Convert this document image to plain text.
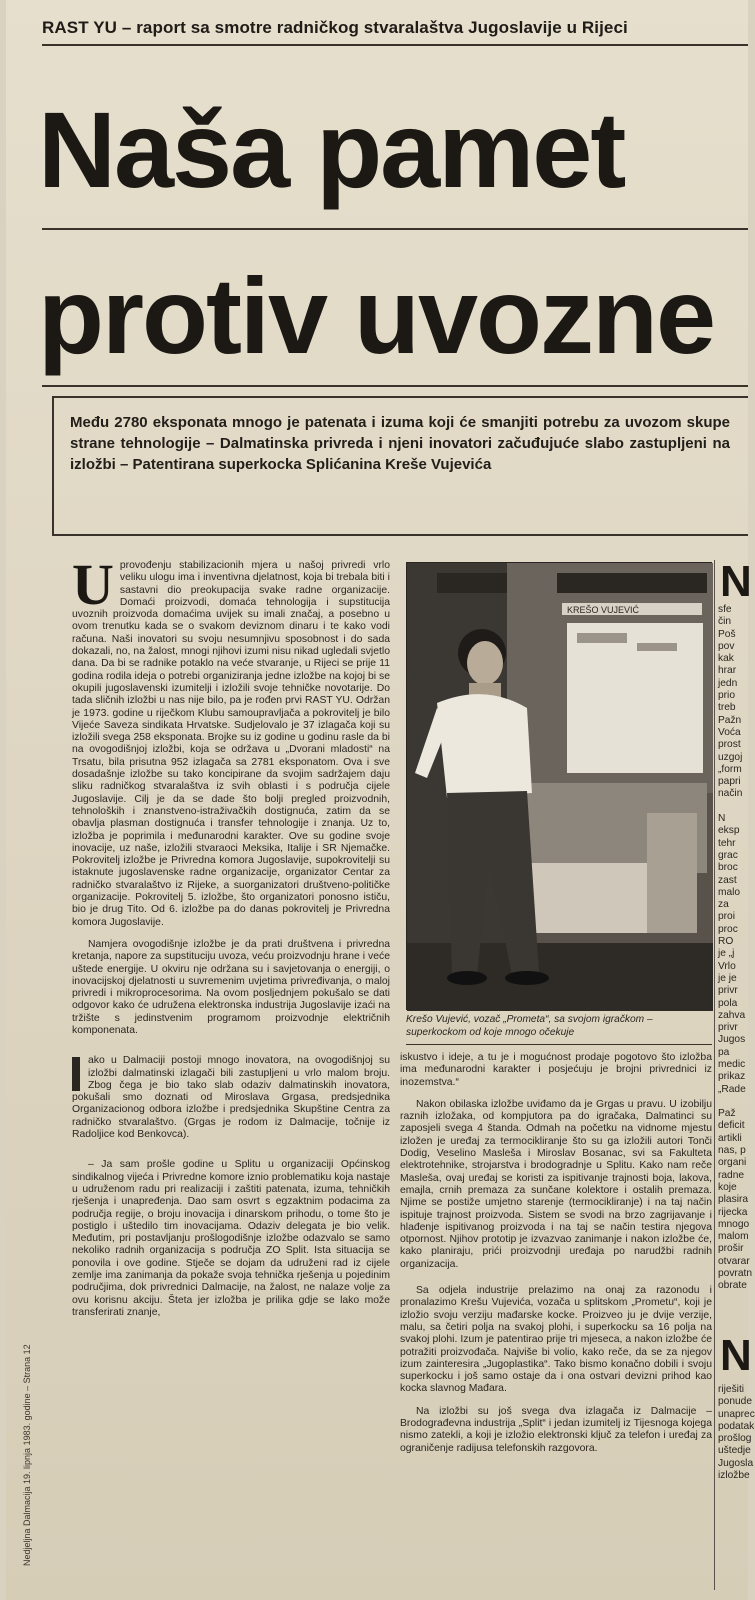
RAST YU – raport sa smotre radničkog stvaralaštva Jugoslavije u Rijeci
Naša pamet
protiv uvozne
Među 2780 eksponata mnogo je patenata i izuma koji će smanjiti potrebu za uvozom skupe strane tehnologije – Dalmatinska privreda i njeni inovatori začuđujuće slabo zastupljeni na izložbi – Patentirana superkocka Splićanina Kreše Vujevića
U provođenju stabilizacionih mjera u našoj privredi vrlo veliku ulogu ima i inventivna djelatnost, koja bi trebala biti i sastavni dio preokupacija svake radne organizacije. Domaći proizvodi, domaća tehnologija i supstitucija uvoznih proizvoda domaćima uvijek su imali značaj, a posebno u ovom trenutku kada se o svakom deviznom dinaru i te kako vodi računa. Naši inovatori su svoju nesumnjivu sposobnost i do sada dokazali, no, na žalost, mnogi njihovi izumi nisu nikad ugledali svjetlo dana. Da bi se radnike potaklo na veće stvaranje, u Rijeci se prije 11 godina rodila ideja o potrebi organiziranja jedne izložbe na kojoj bi se okupili jugoslavenski izumitelji i izložili svoje tehničke novotarije. Do tada sličnih izložbi u nas nije bilo, pa je rođen prvi RAST YU. Održan je 1973. godine u riječkom Klubu samoupravljača a pokrovitelj je bilo Vijeće Saveza sindikata Hrvatske. Sudjelovalo je 37 izlagača koji su izložili svega 258 eksponata. Brojke su iz godine u godinu rasle da bi na ovogodišnjoj izložbi, koja se održava u „Dvorani mladosti“ na Trsatu, bila prisutna 952 izlagača sa 2781 eksponatom. Ova i sve dosadašnje izložbe su tako koncipirane da svojim sadržajem daju sliku radničkog stvaralaštva iz svih oblasti i s područja cijele Jugoslavije. Cilj je da se dade što bolji pregled proizvodnih, tehnoloških i znanstveno-istraživačkih dostignuća, zatim da se obavlja plasman dostignuća i transfer tehnologije i znanja. Uz to, izložba je poprimila i međunarodni karakter. Ove su godine svoje inovacije, uz naše, izložili stvaraoci Meksika, Italije i SR Njemačke. Pokrovitelj izložbe je Privredna komora Jugoslavije, supokrovitelji su istaknute jugoslavenske radne organizacije, organizator Centar za radničko stvaralaštvo iz Rijeke, a suorganizatori društveno-političke organizacije. Pokrovitelj 5. izložbe, što organizatori ponosno ističu, bio je drug Tito. Od 6. izložbe pa do danas pokrovitelj je Privredna komora Jugoslavije.
Namjera ovogodišnje izložbe je da prati društvena i privredna kretanja, napore za supstituciju uvoza, veću proizvodnju hrane i veće uštede energije. U okviru nje održana su i savjetovanja o energiji, o inovacijskoj djelatnosti u suvremenim uvjetima privređivanja, o maloj privredi i mikroprocesorima. Na ovom posljednjem pokušalo se dati odgovor kako će udružena elektronska industrija Jugoslavije izaći na tržište s jedinstvenim programom proizvodnje električnih komponenata.
ako u Dalmaciji postoji mnogo inovatora, na ovogodišnjoj su izložbi dalmatinski izlagači bili zastupljeni u vrlo malom broju. Zbog čega je bio tako slab odaziv dalmatinskih inovatora, pokušali smo doznati od Miroslava Grgasa, predsjednika Organizacionog odbora izložbe i predsjednika Skupštine Centra za radničko stvaralaštvo. (Grgas je rodom iz Dalmacije, točnije iz Radoljice kod Benkovca).
– Ja sam prošle godine u Splitu u organizaciji Općinskog sindikalnog vijeća i Privredne komore iznio problematiku koja nastaje u udruženom radu pri realizaciji i zaštiti patenata, izuma, tehničkih rješenja i unapređenja. Dao sam osvrt s egzaktnim podacima za područja regije, o broju inovacija i dinarskom prihodu, o tome što je postiglo i uštedilo tim inovacijama. Odaziv delegata je bio velik. Međutim, pri postavljanju prošlogodišnje izložbe odazvalo se samo nekoliko radnih organizacija s područja ZO Split. Ista situacija se ponovila i ove godine. Stječe se dojam da udruženi rad iz cijele zemlje ima zanimanja da pokaže svoja tehnička rješenja u pojedinim područjima, dok privrednici Dalmacije, na žalost, ne nalaze volje za ovu korisnu akciju. Šteta jer izložba je prilika gdje se lako može transferirati znanje,
KREŠO VUJEVIĆ
Krešo Vujević, vozač „Prometa“, sa svojom igračkom – superkockom od koje mnogo očekuje
iskustvo i ideje, a tu je i mogućnost prodaje pogotovo što izložba ima međunarodni karakter i posjećuju je brojni privrednici iz inozemstva.“
Nakon obilaska izložbe uviđamo da je Grgas u pravu. U izobilju raznih izložaka, od kompjutora pa do igračaka, Dalmatinci su zaposjeli svega 4 štanda. Odmah na početku na vidnome mjestu izložen je uređaj za termocikliranje što su ga izložili autori Tonči Dodig, Veselino Masleša i Miroslav Bosanac, svi sa Fakulteta elektrotehnike, strojarstva i brodogradnje u Splitu. Kako nam reče Masleša, ovaj uređaj se koristi za ispitivanje trajnosti boja, lakova, emajla, crnih premaza za sunčane kolektore i ostalih premaza. Njime se postiže umjetno starenje (termocikliranje) i na taj način ispituje trajnost proizvoda. Sistem se svodi na brzo zagrijavanje i hlađenje ispitivanog proizvoda i na taj se način testira njegova otpornost. Njihov prototip je izvazvao zanimanje i nakon izložbe će, kako planiraju, prići proizvodnji uređaja po narudžbi radnih organizacija.
Sa odjela industrije prelazimo na onaj za razonodu i pronalazimo Krešu Vujevića, vozača u splitskom „Prometu“, koji je izložio svoju verziju mađarske kocke. Proizveo ju je dvije verzije, malu, sa četiri polja na svakoj plohi, i superkocku sa 16 polja na svakoj plohi. Izum je patentirao prije tri mjeseca, a nakon izložbe će potražiti proizvođača. Najviše bi volio, kako reče, da se za njegov izum zainteresira „Jugoplastika“. Tako bismo konačno dobili i svoju superkocku i još samo ostaje da i ona ostvari devizni prihod kao kocka slavnog Mađara.
Na izložbi su još svega dva izlagača iz Dalmacije – Brodograđevna industrija „Split“ i jedan izumitelj iz Tijesnoga kojega nismo zatekli, a koji je izložio elektronski ključ za telefon i uređaj za ograničenje radijusa telefonskih razgovora.
N
sfe
čin
Poš
pov
kak
hrar
jedn
prio
treb
Pažn
Voća
prost
uzgoj
„form
papri
način

N
eksp
tehr
grac
broc
zast
malo
za
proi
proc
RO
je „j
Vrlo
je je
privr
pola
zahva
privr
Jugos
pa
medic
prikaz
„Rade

Paž
deficit
artikli
nas, p
organi
radne
koje
plasira
rijecka
mnogo
malom
prošir
otvarar
povratn
obrate
N
riješiti
ponude
unaprec
podatak
prošlog
uštedje
Jugosla
izložbe
Nedjeljna Dalmacija 19. lipnja 1983. godine – Strana 12
